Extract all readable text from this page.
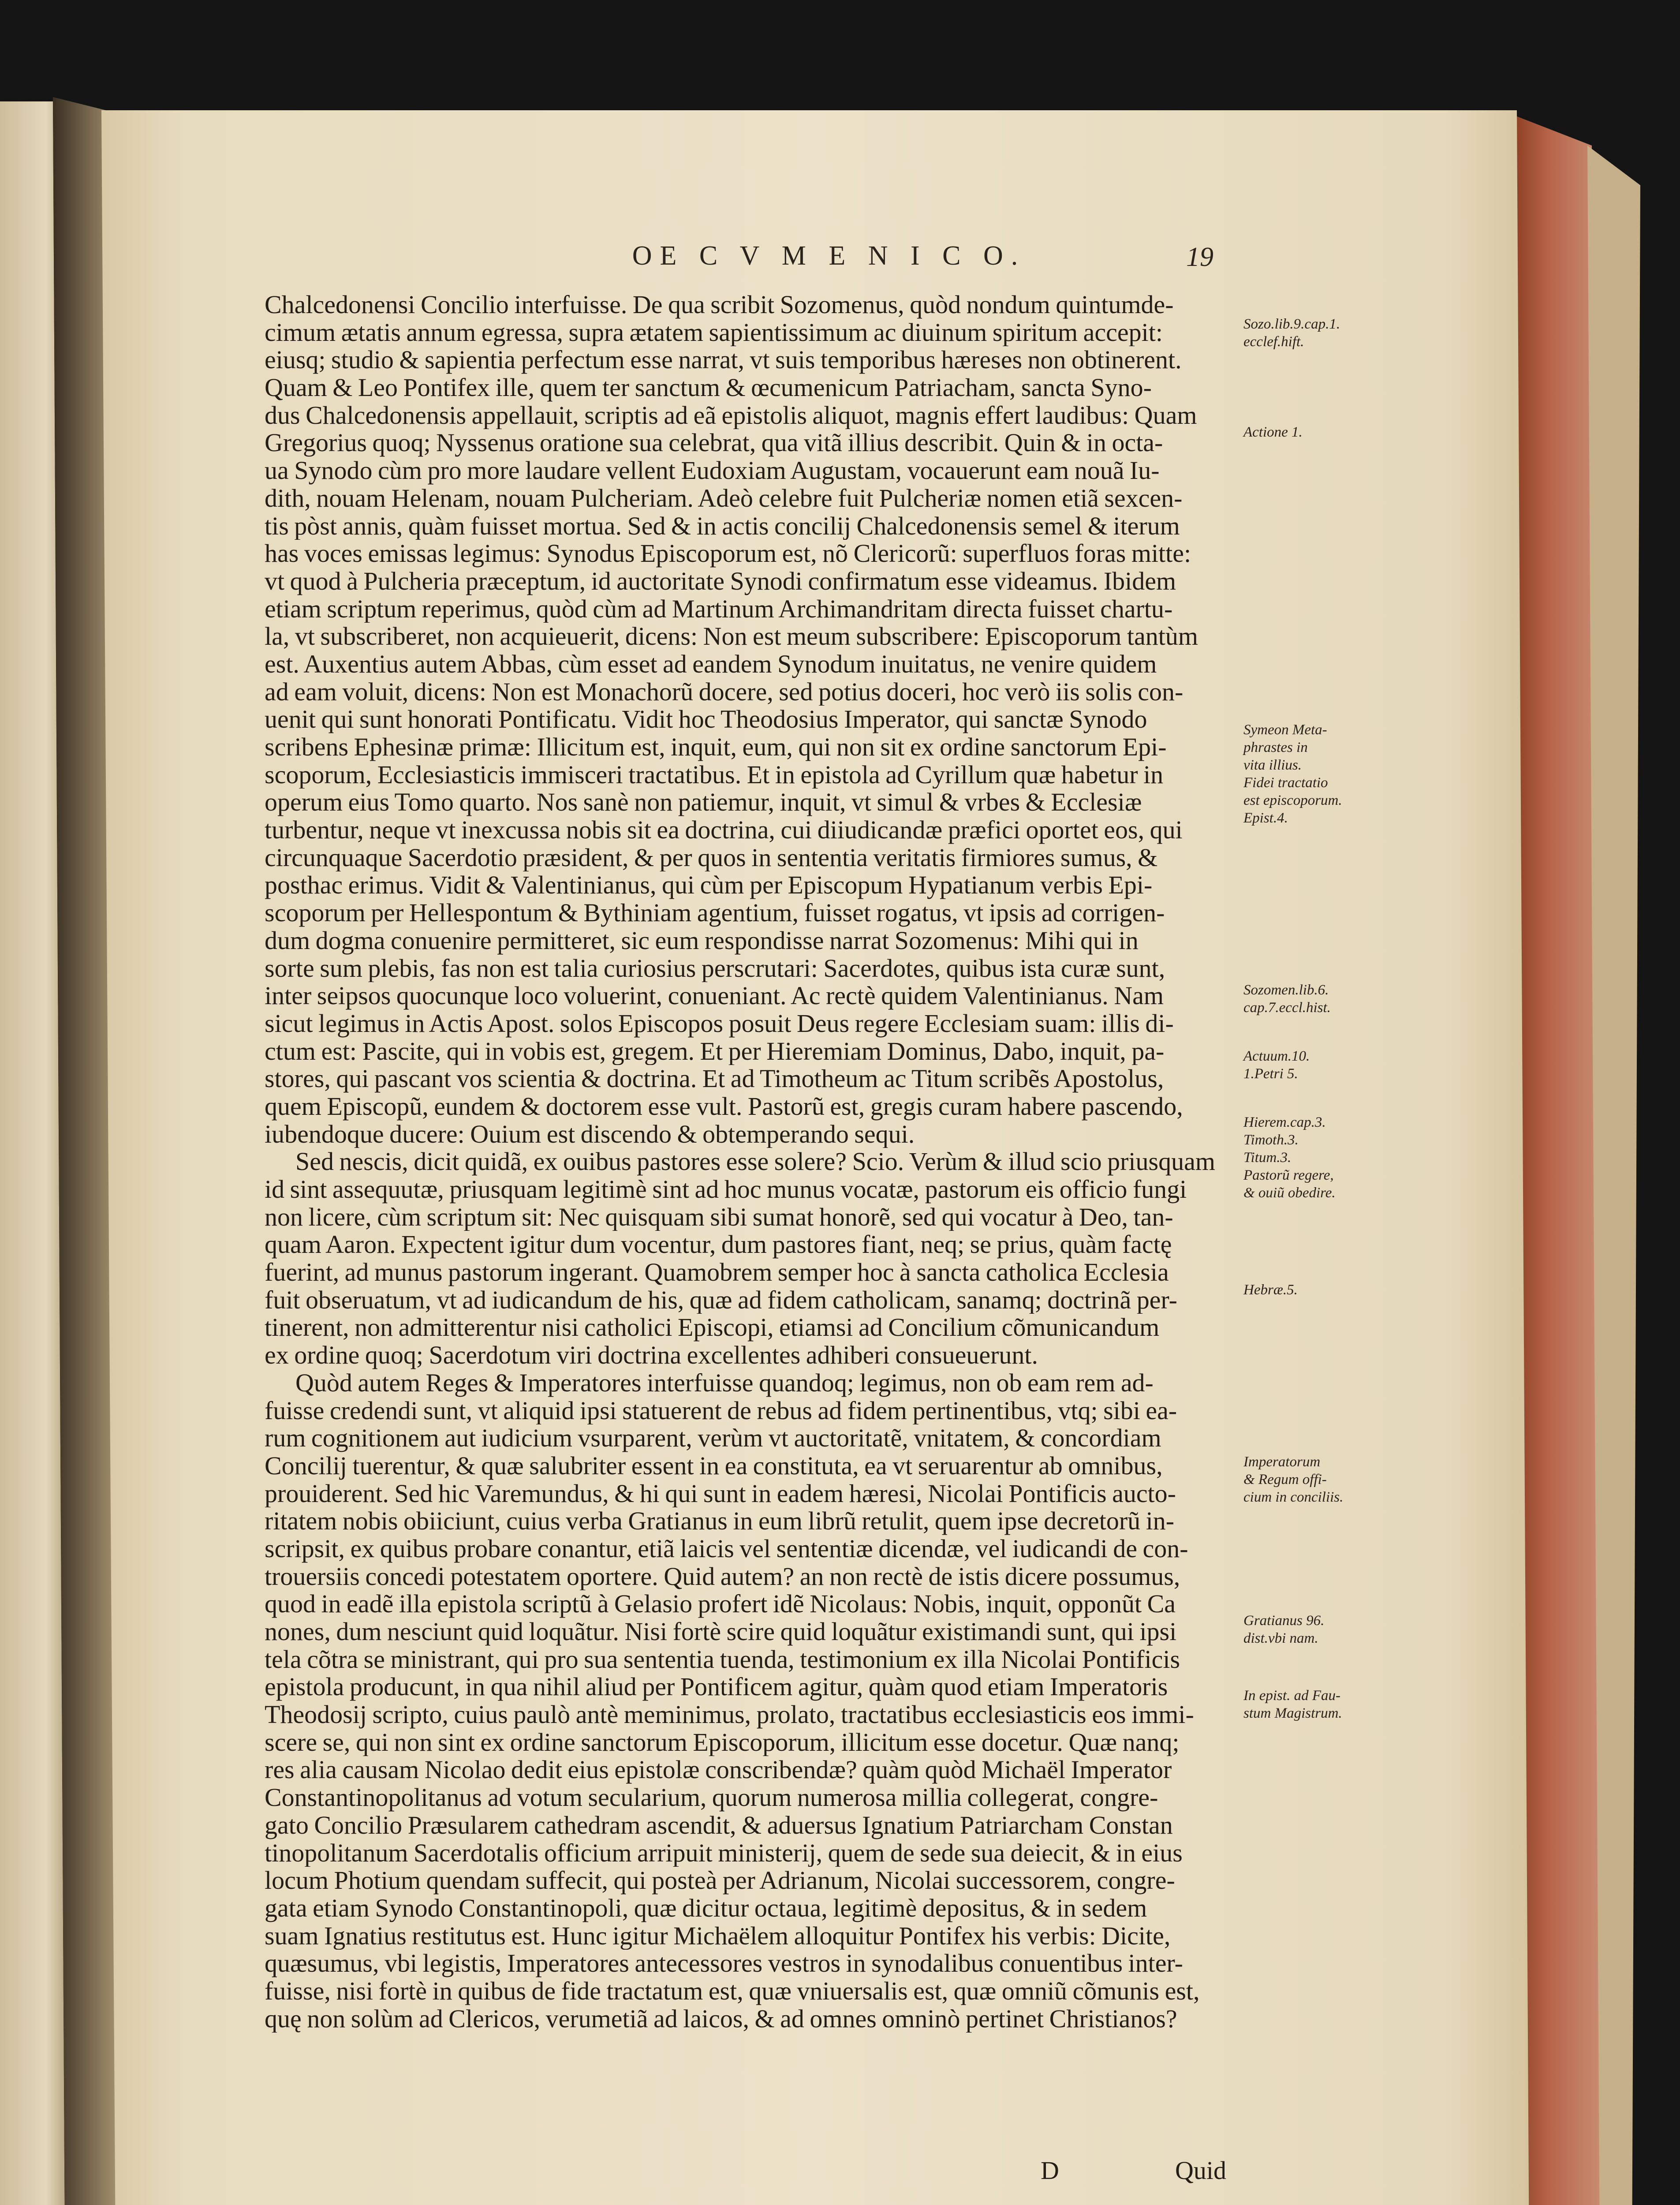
OE C V M E N I C O.	19
Chalcedonensi Concilio interfuisse. De qua scribit Sozomenus, quòd nondum quintumde-
cimum ætatis annum egressa, supra ætatem sapientissimum ac diuinum spiritum accepit:
eiusq; studio & sapientia perfectum esse narrat, vt suis temporibus hæreses non obtinerent.
Quam & Leo Pontifex ille, quem ter sanctum & œcumenicum Patriacham, sancta Syno-
dus Chalcedonensis appellauit, scriptis ad eã epistolis aliquot, magnis effert laudibus: Quam
Gregorius quoq; Nyssenus oratione sua celebrat, qua vitã illius describit. Quin & in octa-
ua Synodo cùm pro more laudare vellent Eudoxiam Augustam, vocauerunt eam nouã Iu-
dith, nouam Helenam, nouam Pulcheriam. Adeò celebre fuit Pulcheriæ nomen etiã sexcen-
tis pòst annis, quàm fuisset mortua. Sed & in actis concilij Chalcedonensis semel & iterum
has voces emissas legimus: Synodus Episcoporum est, nõ Clericorũ: superfluos foras mitte:
vt quod à Pulcheria præceptum, id auctoritate Synodi confirmatum esse videamus. Ibidem
etiam scriptum reperimus, quòd cùm ad Martinum Archimandritam directa fuisset chartu-
la, vt subscriberet, non acquieuerit, dicens: Non est meum subscribere: Episcoporum tantùm
est. Auxentius autem Abbas, cùm esset ad eandem Synodum inuitatus, ne venire quidem
ad eam voluit, dicens: Non est Monachorũ docere, sed potius doceri, hoc verò iis solis con-
uenit qui sunt honorati Pontificatu. Vidit hoc Theodosius Imperator, qui sanctæ Synodo
scribens Ephesinæ primæ: Illicitum est, inquit, eum, qui non sit ex ordine sanctorum Epi-
scoporum, Ecclesiasticis immisceri tractatibus. Et in epistola ad Cyrillum quæ habetur in
operum eius Tomo quarto. Nos sanè non patiemur, inquit, vt simul & vrbes & Ecclesiæ
turbentur, neque vt inexcussa nobis sit ea doctrina, cui diiudicandæ præfici oportet eos, qui
circunquaque Sacerdotio præsident, & per quos in sententia veritatis firmiores sumus, &
posthac erimus. Vidit & Valentinianus, qui cùm per Episcopum Hypatianum verbis Epi-
scoporum per Hellespontum & Bythiniam agentium, fuisset rogatus, vt ipsis ad corrigen-
dum dogma conuenire permitteret, sic eum respondisse narrat Sozomenus: Mihi qui in
sorte sum plebis, fas non est talia curiosius perscrutari: Sacerdotes, quibus ista curæ sunt,
inter seipsos quocunque loco voluerint, conueniant. Ac rectè quidem Valentinianus. Nam
sicut legimus in Actis Apost. solos Episcopos posuit Deus regere Ecclesiam suam: illis di-
ctum est: Pascite, qui in vobis est, gregem. Et per Hieremiam Dominus, Dabo, inquit, pa-
stores, qui pascant vos scientia & doctrina. Et ad Timotheum ac Titum scribẽs Apostolus,
quem Episcopũ, eundem & doctorem esse vult. Pastorũ est, gregis curam habere pascendo,
iubendoque ducere: Ouium est discendo & obtemperando sequi.
Sed nescis, dicit quidã, ex ouibus pastores esse solere? Scio. Verùm & illud scio priusquam
id sint assequutæ, priusquam legitimè sint ad hoc munus vocatæ, pastorum eis officio fungi
non licere, cùm scriptum sit: Nec quisquam sibi sumat honorẽ, sed qui vocatur à Deo, tan-
quam Aaron. Expectent igitur dum vocentur, dum pastores fiant, neq; se prius, quàm factę
fuerint, ad munus pastorum ingerant. Quamobrem semper hoc à sancta catholica Ecclesia
fuit obseruatum, vt ad iudicandum de his, quæ ad fidem catholicam, sanamq; doctrinã per-
tinerent, non admitterentur nisi catholici Episcopi, etiamsi ad Concilium cõmunicandum
ex ordine quoq; Sacerdotum viri doctrina excellentes adhiberi consueuerunt.
Quòd autem Reges & Imperatores interfuisse quandoq; legimus, non ob eam rem ad-
fuisse credendi sunt, vt aliquid ipsi statuerent de rebus ad fidem pertinentibus, vtq; sibi ea-
rum cognitionem aut iudicium vsurparent, verùm vt auctoritatẽ, vnitatem, & concordiam
Concilij tuerentur, & quæ salubriter essent in ea constituta, ea vt seruarentur ab omnibus,
prouiderent. Sed hic Varemundus, & hi qui sunt in eadem hæresi, Nicolai Pontificis aucto-
ritatem nobis obiiciunt, cuius verba Gratianus in eum librũ retulit, quem ipse decretorũ in-
scripsit, ex quibus probare conantur, etiã laicis vel sententiæ dicendæ, vel iudicandi de con-
trouersiis concedi potestatem oportere. Quid autem? an non rectè de istis dicere possumus,
quod in eadẽ illa epistola scriptũ à Gelasio profert idẽ Nicolaus: Nobis, inquit, opponũt Ca
nones, dum nesciunt quid loquãtur. Nisi fortè scire quid loquãtur existimandi sunt, qui ipsi
tela cõtra se ministrant, qui pro sua sententia tuenda, testimonium ex illa Nicolai Pontificis
epistola producunt, in qua nihil aliud per Pontificem agitur, quàm quod etiam Imperatoris
Theodosij scripto, cuius paulò antè meminimus, prolato, tractatibus ecclesiasticis eos immi-
scere se, qui non sint ex ordine sanctorum Episcoporum, illicitum esse docetur. Quæ nanq;
res alia causam Nicolao dedit eius epistolæ conscribendæ? quàm quòd Michaël Imperator
Constantinopolitanus ad votum secularium, quorum numerosa millia collegerat, congre-
gato Concilio Præsularem cathedram ascendit, & aduersus Ignatium Patriarcham Constan
tinopolitanum Sacerdotalis officium arripuit ministerij, quem de sede sua deiecit, & in eius
locum Photium quendam suffecit, qui posteà per Adrianum, Nicolai successorem, congre-
gata etiam Synodo Constantinopoli, quæ dicitur octaua, legitimè depositus, & in sedem
suam Ignatius restitutus est. Hunc igitur Michaëlem alloquitur Pontifex his verbis: Dicite,
quæsumus, vbi legistis, Imperatores antecessores vestros in synodalibus conuentibus inter-
fuisse, nisi fortè in quibus de fide tractatum est, quæ vniuersalis est, quæ omniũ cõmunis est,
quę non solùm ad Clericos, verumetiã ad laicos, & ad omnes omninò pertinet Christianos?
D	Quid
Sozo.lib.9.cap.1.
ecclef.hift.
Actione 1.
Symeon Meta-
phrastes in
vita illius.
Fidei tractatio
est episcoporum.
Epist.4.
Sozomen.lib.6.
cap.7.eccl.hist.
Actuum.10.
1.Petri 5.
Hierem.cap.3.
Timoth.3.
Titum.3.
Pastorũ regere,
& ouiũ obedire.
Hebræ.5.
Imperatorum
& Regum offi-
cium in conciliis.
Gratianus 96.
dist.vbi nam.
In epist. ad Fau-
stum Magistrum.
